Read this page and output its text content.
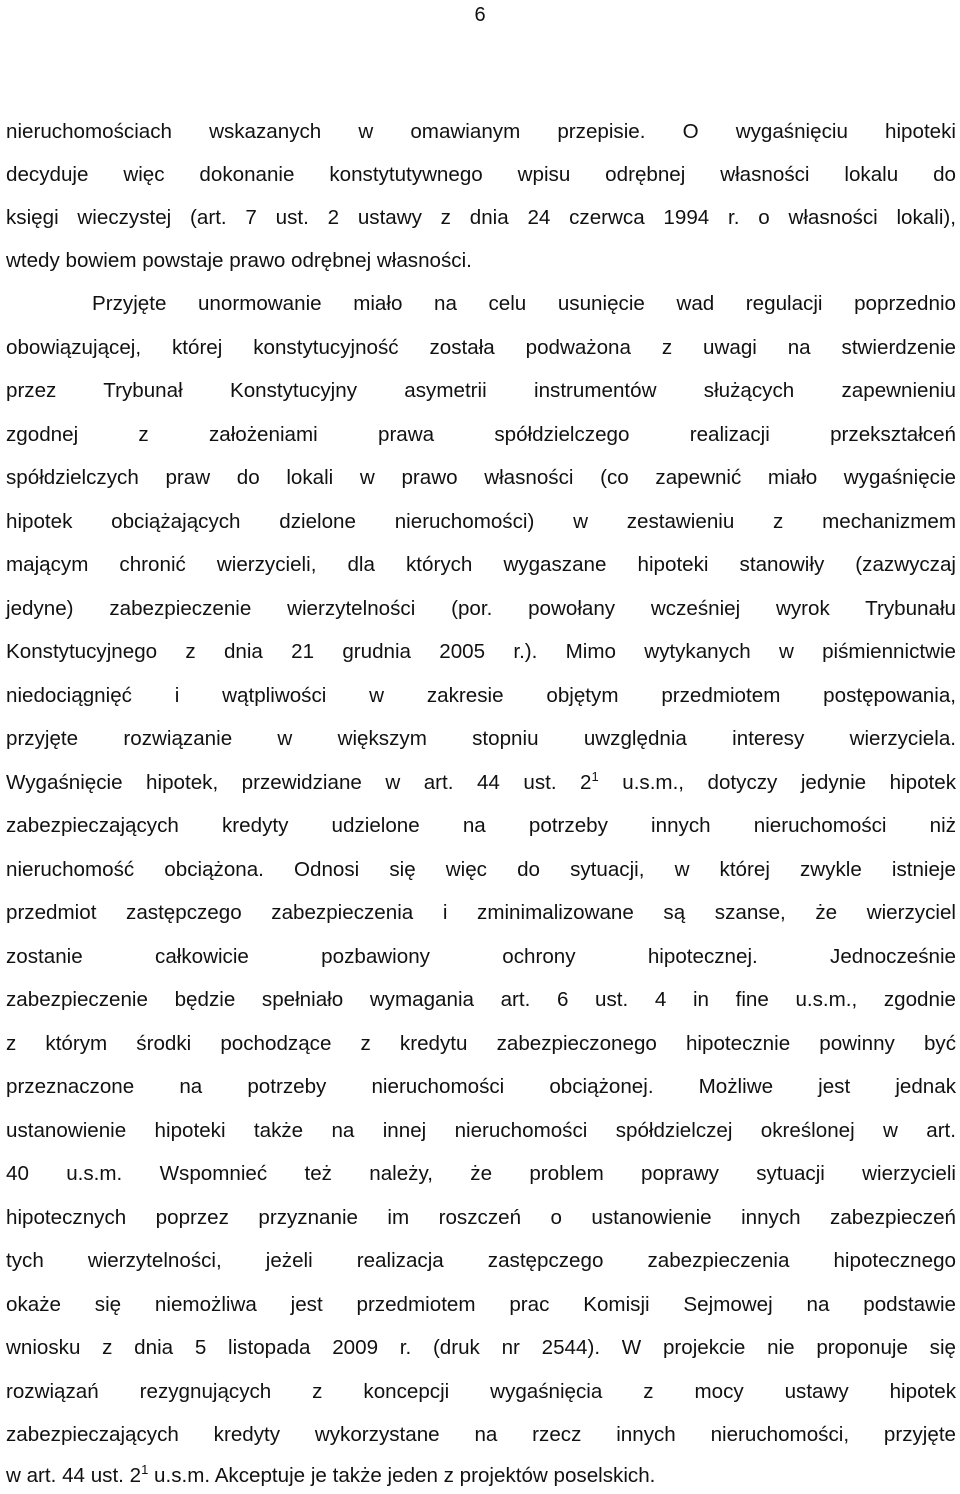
6

nieruchomościach wskazanych w omawianym przepisie. O wygaśnięciu hipoteki

decyduje więc dokonanie konstytutywnego wpisu odrębnej własności lokalu do

księgi wieczystej (art. 7 ust. 2 ustawy z dnia 24 czerwca 1994 r. o własności lokali),

wtedy bowiem powstaje prawo odrębnej własności.

Przyjęte unormowanie miało na celu usunięcie wad regulacji poprzednio

obowiązującej, której konstytucyjność została podważona z uwagi na stwierdzenie

przez Trybunał Konstytucyjny asymetrii instrumentów służących zapewnieniu

zgodnej z założeniami prawa spółdzielczego realizacji przekształceń

spółdzielczych praw do lokali w prawo własności (co zapewnić miało wygaśnięcie

hipotek obciążających dzielone nieruchomości) w zestawieniu z mechanizmem

mającym chronić wierzycieli, dla których wygaszane hipoteki stanowiły (zazwyczaj

jedyne) zabezpieczenie wierzytelności (por. powołany wcześniej wyrok Trybunału

Konstytucyjnego z dnia 21 grudnia 2005 r.). Mimo wytykanych w piśmiennictwie

niedociągnięć i wątpliwości w zakresie objętym przedmiotem postępowania,

przyjęte rozwiązanie w większym stopniu uwzględnia interesy wierzyciela.

Wygaśnięcie hipotek, przewidziane w art. 44 ust. $2^1$ u.s.m., dotyczy jedynie hipotek

zabezpieczających kredyty udzielone na potrzeby innych nieruchomości niż

nieruchomość obciążona. Odnosi się więc do sytuacji, w której zwykle istnieje

przedmiot zastępczego zabezpieczenia i zminimalizowane są szanse, że wierzyciel

zostanie całkowicie pozbawiony ochrony hipotecznej. Jednocześnie

zabezpieczenie będzie spełniało wymagania art. 6 ust. 4 in fine u.s.m., zgodnie

z którym środki pochodzące z kredytu zabezpieczonego hipotecznie powinny być

przeznaczone na potrzeby nieruchomości obciążonej. Możliwe jest jednak

ustanowienie hipoteki także na innej nieruchomości spółdzielczej określonej w art.

40 u.s.m. Wspomnieć też należy, że problem poprawy sytuacji wierzycieli

hipotecznych poprzez przyznanie im roszczeń o ustanowienie innych zabezpieczeń

tych wierzytelności, jeżeli realizacja zastępczego zabezpieczenia hipotecznego

okaże się niemożliwa jest przedmiotem prac Komisji Sejmowej na podstawie

wniosku z dnia 5 listopada 2009 r. (druk nr 2544). W projekcie nie proponuje się

rozwiązań rezygnujących z koncepcji wygaśnięcia z mocy ustawy hipotek

zabezpieczających kredyty wykorzystane na rzecz innych nieruchomości, przyjęte

w art. 44 ust. $2^1$ u.s.m. Akceptuje je także jeden z projektów poselskich.
